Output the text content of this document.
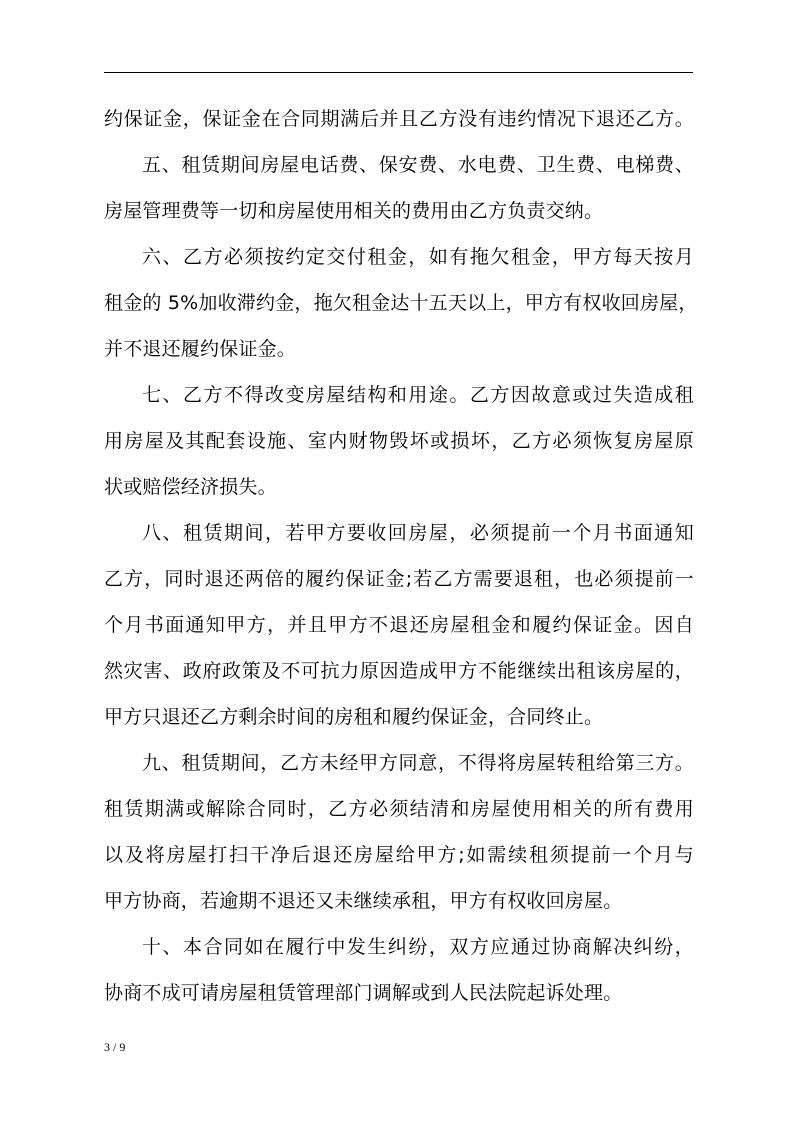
约保证金，保证金在合同期满后并且乙方没有违约情况下退还乙方。
五、租赁期间房屋电话费、保安费、水电费、卫生费、电梯费、
房屋管理费等一切和房屋使用相关的费用由乙方负责交纳。
六、乙方必须按约定交付租金，如有拖欠租金，甲方每天按月
租金的 5%加收滞约金，拖欠租金达十五天以上，甲方有权收回房屋，
并不退还履约保证金。
七、乙方不得改变房屋结构和用途。乙方因故意或过失造成租
用房屋及其配套设施、室内财物毁坏或损坏，乙方必须恢复房屋原
状或赔偿经济损失。
八、租赁期间，若甲方要收回房屋，必须提前一个月书面通知
乙方，同时退还两倍的履约保证金;若乙方需要退租，也必须提前一
个月书面通知甲方，并且甲方不退还房屋租金和履约保证金。因自
然灾害、政府政策及不可抗力原因造成甲方不能继续出租该房屋的，
甲方只退还乙方剩余时间的房租和履约保证金，合同终止。
九、租赁期间，乙方未经甲方同意，不得将房屋转租给第三方。
租赁期满或解除合同时，乙方必须结清和房屋使用相关的所有费用
以及将房屋打扫干净后退还房屋给甲方;如需续租须提前一个月与
甲方协商，若逾期不退还又未继续承租，甲方有权收回房屋。
十、本合同如在履行中发生纠纷，双方应通过协商解决纠纷，
协商不成可请房屋租赁管理部门调解或到人民法院起诉处理。
3 / 9
